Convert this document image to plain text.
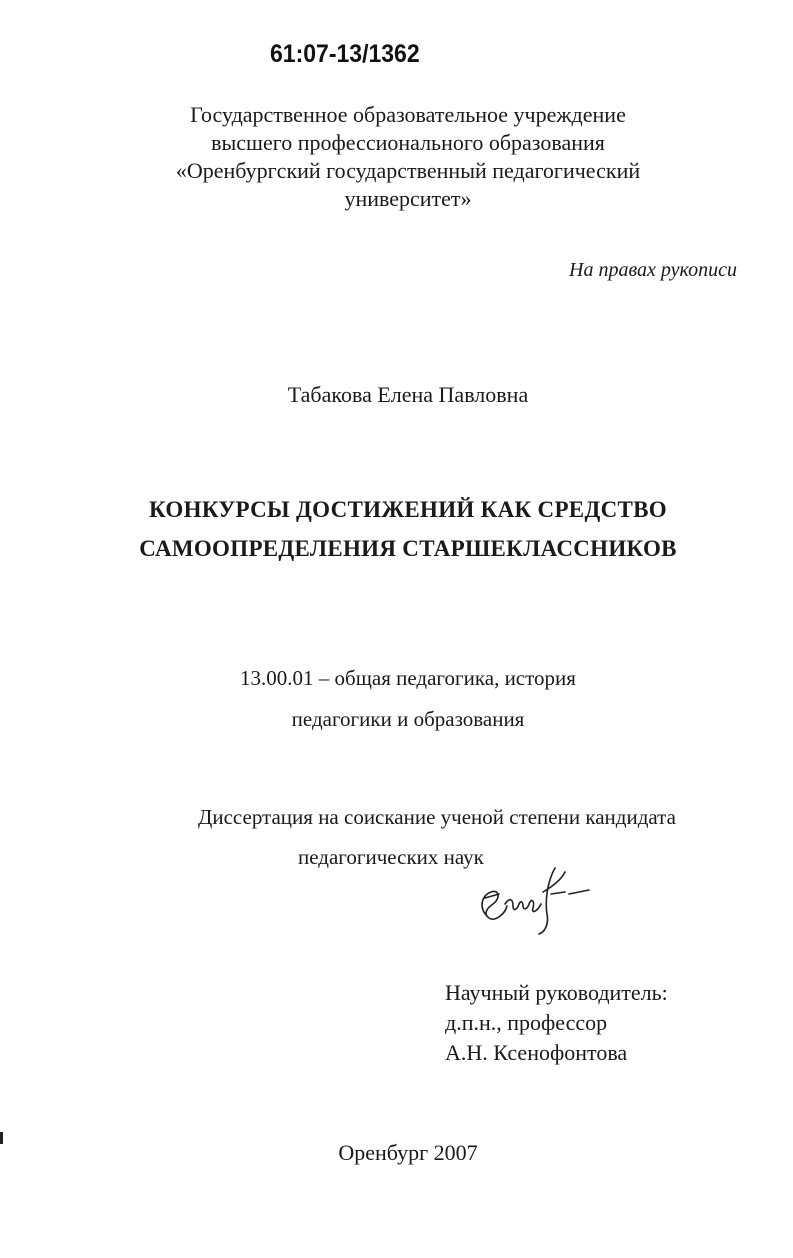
61:07-13/1362
Государственное образовательное учреждение
высшего профессионального образования
«Оренбургский государственный педагогический
университет»
На правах рукописи
Табакова Елена Павловна
КОНКУРСЫ ДОСТИЖЕНИЙ КАК СРЕДСТВО
САМООПРЕДЕЛЕНИЯ СТАРШЕКЛАССНИКОВ
13.00.01 – общая педагогика, история
педагогики и образования
Диссертация на соискание ученой степени кандидата
педагогических наук
Научный руководитель:
д.п.н., профессор
А.Н. Ксенофонтова
Оренбург 2007
